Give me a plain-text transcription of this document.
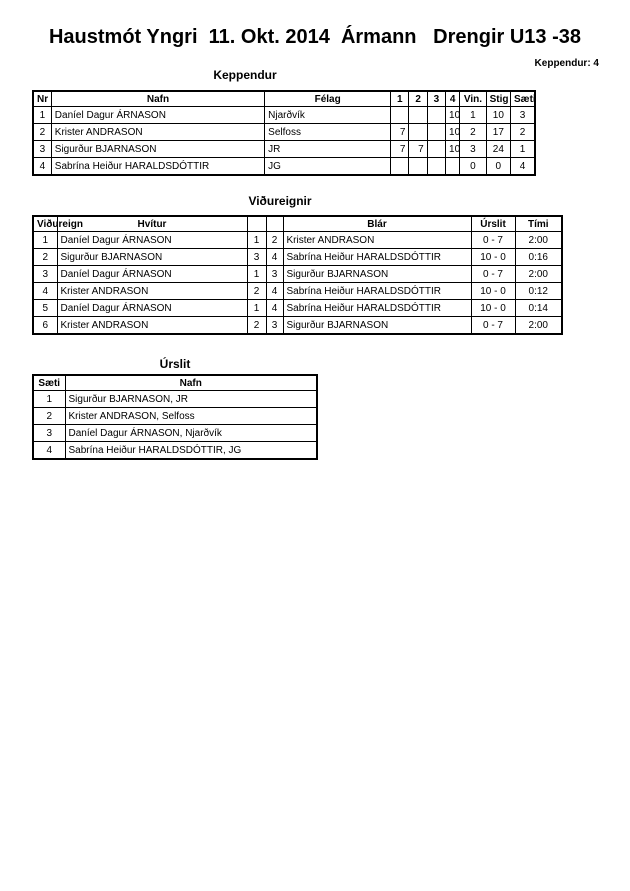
Haustmót Yngri  11. Okt. 2014  Ármann   Drengir U13 -38
Keppendur: 4
Keppendur
Nr	Nafn	Félag	1	2	3	4	Vin.	Stig	Sæti
1	Daníel Dagur ÁRNASON	Njarðvík				10	1	10	3
2	Krister ANDRASON	Selfoss	7			10	2	17	2
3	Sigurður BJARNASON	JR	7	7		10	3	24	1
4	Sabrína Heiður HARALDSDÓTTIR	JG					0	0	4
Viðureignir
Viðureign	Hvítur			Blár	Úrslit	Tími
1	Daníel Dagur ÁRNASON	1	2	Krister ANDRASON	0 - 7	2:00
2	Sigurður BJARNASON	3	4	Sabrína Heiður HARALDSDÓTTIR	10 - 0	0:16
3	Daníel Dagur ÁRNASON	1	3	Sigurður BJARNASON	0 - 7	2:00
4	Krister ANDRASON	2	4	Sabrína Heiður HARALDSDÓTTIR	10 - 0	0:12
5	Daníel Dagur ÁRNASON	1	4	Sabrína Heiður HARALDSDÓTTIR	10 - 0	0:14
6	Krister ANDRASON	2	3	Sigurður BJARNASON	0 - 7	2:00
Úrslit
Sæti	Nafn
1	Sigurður BJARNASON, JR
2	Krister ANDRASON, Selfoss
3	Daníel Dagur ÁRNASON, Njarðvík
4	Sabrína Heiður HARALDSDÓTTIR, JG
